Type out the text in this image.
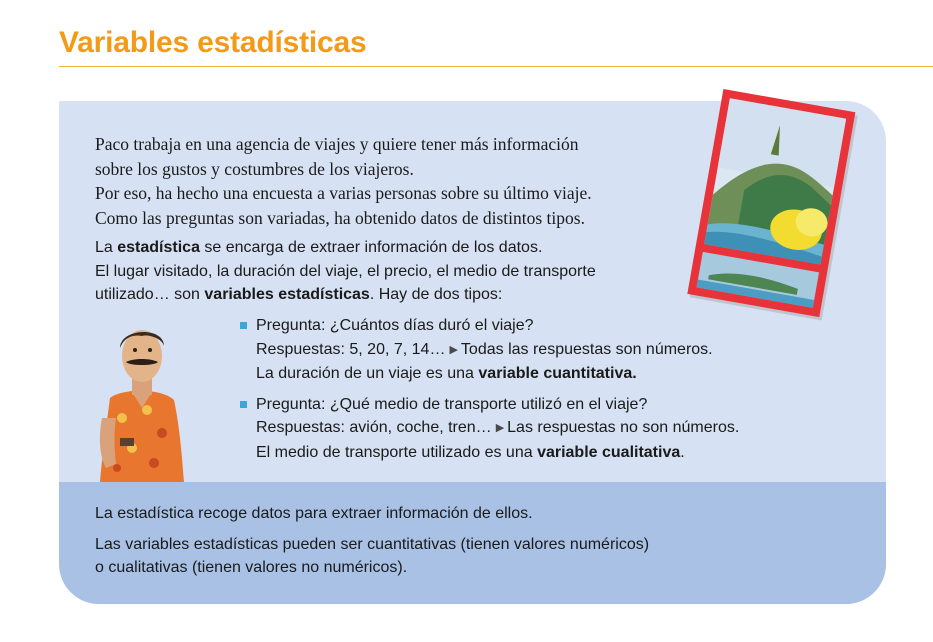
Variables estadísticas

Paco trabaja en una agencia de viajes y quiere tener más información

sobre los gustos y costumbres de los viajeros.

Por eso, ha hecho una encuesta a varias personas sobre su último viaje.

Como las preguntas son variadas, ha obtenido datos de distintos tipos.

La estadística se encarga de extraer información de los datos.

El lugar visitado, la duración del viaje, el precio, el medio de transporte

utilizado… son variables estadísticas. Hay de dos tipos:

Pregunta: ¿Cuántos días duró el viaje?

Respuestas: 5, 20, 7, 14… ▶ Todas las respuestas son números.

La duración de un viaje es una variable cuantitativa.

Pregunta: ¿Qué medio de transporte utilizó en el viaje?

Respuestas: avión, coche, tren… ▶ Las respuestas no son números.

El medio de transporte utilizado es una variable cualitativa.

La estadística recoge datos para extraer información de ellos.

Las variables estadísticas pueden ser cuantitativas (tienen valores numéricos)
o cualitativas (tienen valores no numéricos).
